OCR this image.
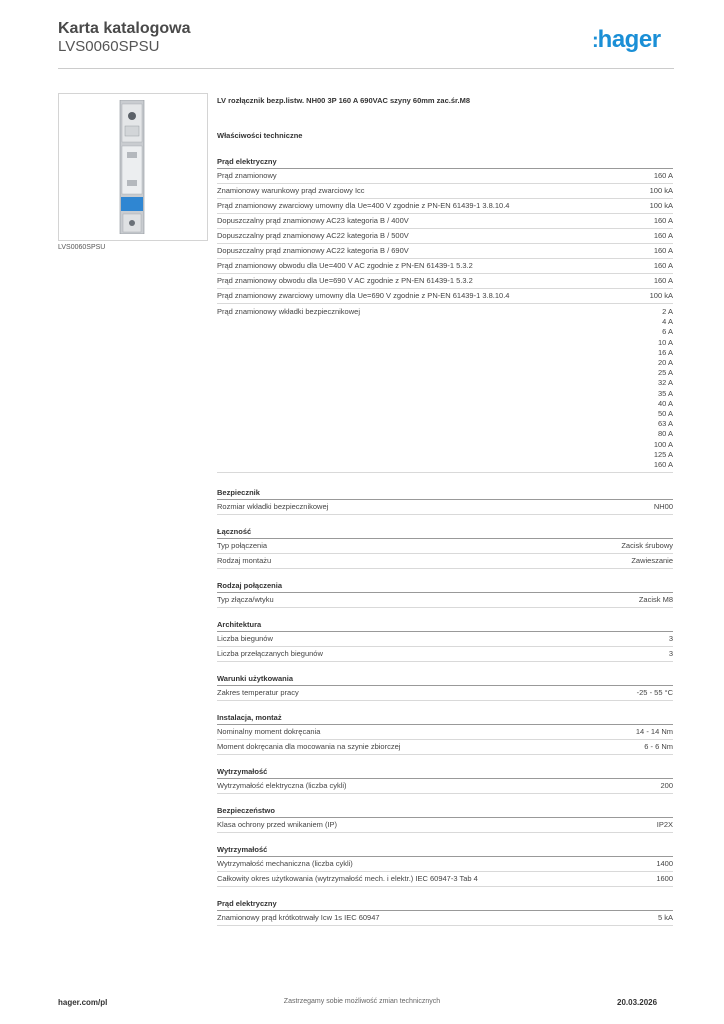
Karta katalogowa
LVS0060SPSU	:hager
LVS0060SPSU
LV rozłącznik bezp.listw. NH00 3P 160 A 690VAC szyny 60mm zac.śr.M8
Właściwości techniczne
Prąd elektryczny
Prąd znamionowy	160 A
Znamionowy warunkowy prąd zwarciowy Icc	100 kA
Prąd znamionowy zwarciowy umowny dla Ue=400 V zgodnie z PN-EN 61439-1 3.8.10.4	100 kA
Dopuszczalny prąd znamionowy AC23 kategoria B / 400V	160 A
Dopuszczalny prąd znamionowy AC22 kategoria B / 500V	160 A
Dopuszczalny prąd znamionowy AC22 kategoria B / 690V	160 A
Prąd znamionowy obwodu dla Ue=400 V AC zgodnie z PN-EN 61439-1 5.3.2	160 A
Prąd znamionowy obwodu dla Ue=690 V AC zgodnie z PN-EN 61439-1 5.3.2	160 A
Prąd znamionowy zwarciowy umowny dla Ue=690 V zgodnie z PN-EN 61439-1 3.8.10.4	100 kA
Prąd znamionowy wkładki bezpiecznikowej	2 A
4 A
6 A
10 A
16 A
20 A
25 A
32 A
35 A
40 A
50 A
63 A
80 A
100 A
125 A
160 A
Bezpiecznik
Rozmiar wkładki bezpiecznikowej	NH00
Łączność
Typ połączenia	Zacisk śrubowy
Rodzaj montażu	Zawieszanie
Rodzaj połączenia
Typ złącza/wtyku	Zacisk M8
Architektura
Liczba biegunów	3
Liczba przełączanych biegunów	3
Warunki użytkowania
Zakres temperatur pracy	-25 - 55 °C
Instalacja, montaż
Nominalny moment dokręcania	14 - 14 Nm
Moment dokręcania dla mocowania na szynie zbiorczej	6 - 6 Nm
Wytrzymałość
Wytrzymałość elektryczna (liczba cykli)	200
Bezpieczeństwo
Klasa ochrony przed wnikaniem (IP)	IP2X
Wytrzymałość
Wytrzymałość mechaniczna (liczba cykli)	1400
Całkowity okres użytkowania (wytrzymałość mech. i elektr.) IEC 60947-3 Tab 4	1600
Prąd elektryczny
Znamionowy prąd krótkotrwały Icw 1s IEC 60947	5 kA
Zastrzegamy sobie możliwość zmian technicznych
hager.com/pl	20.03.2026
